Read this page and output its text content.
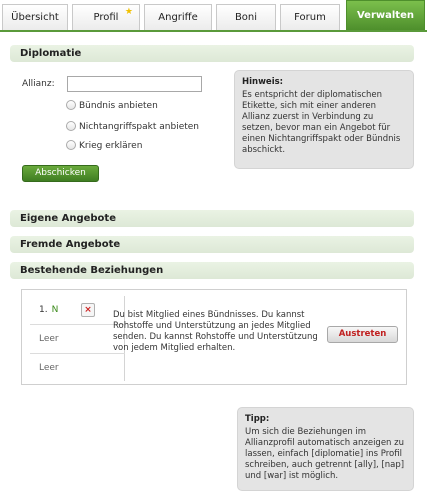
Übersicht	Profil ★	Angriffe	Boni	Forum	Verwalten
Diplomatie
Allianz:
Bündnis anbieten
Nichtangriffspakt anbieten
Krieg erklären
Abschicken
Hinweis:
Es entspricht der diplomatischen Etikette, sich mit einer anderen Allianz zuerst in Verbindung zu setzen, bevor man ein Angebot für einen Nichtangriffspakt oder Bündnis abschickt.
Eigene Angebote
Fremde Angebote
Bestehende Beziehungen
1. N	×
Leer
Leer
Du bist Mitglied eines Bündnisses. Du kannst Rohstoffe und Unterstützung an jedes Mitglied senden. Du kannst Rohstoffe und Unterstützung von jedem Mitglied erhalten.
Austreten
Tipp:
Um sich die Beziehungen im Allianzprofil automatisch anzeigen zu lassen, einfach [diplomatie] ins Profil schreiben, auch getrennt [ally], [nap] und [war] ist möglich.
